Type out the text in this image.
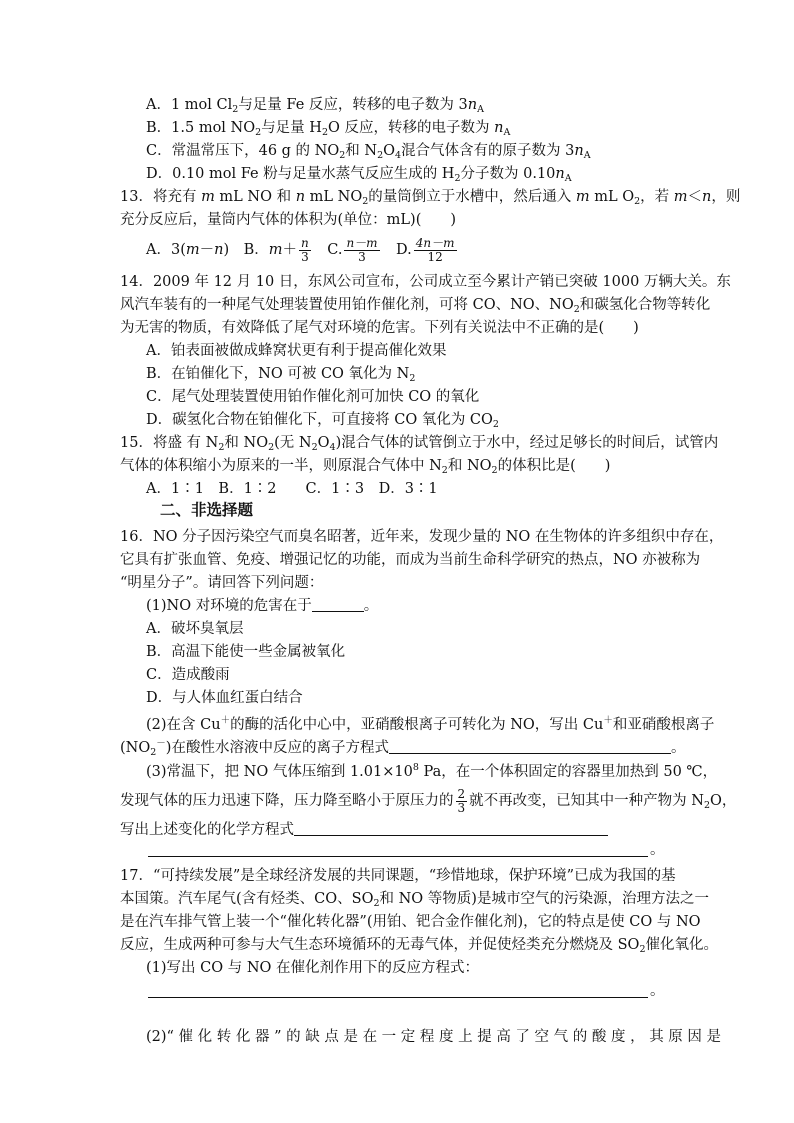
A．1 mol $Cl_2$与足量 Fe 反应，转移的电子数为 $3n_A$
B．1.5 mol $NO_2$与足量 $H_2O$ 反应，转移的电子数为 $n_A$
C．常温常压下，46 g 的 $NO_2$和 $N_2O_4$混合气体含有的原子数为 $3n_A$
D．0.10 mol Fe 粉与足量水蒸气反应生成的 $H_2$分子数为 $0.10n_A$
13．将充有 m mL NO 和 n mL $NO_2$的量筒倒立于水槽中，然后通入 m mL $O_2$，若 m＜n，则
充分反应后，量筒内气体的体积为(单位：mL)(　　)
A．3(m－n)　B．$m+ \frac{n}{3}$ 　C. $\frac{n-m}{3}$ 　D. $\frac{4n-m}{12}$
14．2009 年 12 月 10 日，东风公司宣布，公司成立至今累计产销已突破 1000 万辆大关。东
风汽车装有的一种尾气处理装置使用铂作催化剂，可将 CO、NO、$NO_2$和碳氢化合物等转化
为无害的物质，有效降低了尾气对环境的危害。下列有关说法中不正确的是(　　)
A．铂表面被做成蜂窝状更有利于提高催化效果
B．在铂催化下，NO 可被 CO 氧化为 $N_2$
C．尾气处理装置使用铂作催化剂可加快 CO 的氧化
D．碳氢化合物在铂催化下，可直接将 CO 氧化为 $CO_2$
15．将盛 有 $N_2$和 $NO_2$(无 $N_2O_4$)混合气体的试管倒立于水中，经过足够长的时间后，试管内
气体的体积缩小为原来的一半，则原混合气体中 $N_2$和 $NO_2$的体积比是(　　)
A．1∶1　B．1∶2　　C．1∶3　D．3∶1
二、非选择题
16．NO 分子因污染空气而臭名昭著，近年来，发现少量的 NO 在生物体的许多组织中存在，
它具有扩张血管、免疫、增强记忆的功能，而成为当前生命科学研究的热点，NO 亦被称为
“明星分子”。请回答下列问题：
(1)NO 对环境的危害在于	。
A．破坏臭氧层
B．高温下能使一些金属被氧化
C．造成酸雨
D．与人体血红蛋白结合
(2)在含 Cu＋的酶的活化中心中，亚硝酸根离子可转化为 NO，写出 Cu＋和亚硝酸根离子
$(NO_2^-)$在酸性水溶液中反应的离子方程式	。
(3)常温下，把 NO 气体压缩到 $1.01\times 10^8$ Pa，在一个体积固定的容器里加热到 50 ℃，
发现气体的压力迅速下降，压力降至略小于原压力的 $\frac{2}{3}$ 就不再改变，已知其中一种产物为 $N_2O$，
写出上述变化的化学方程式
。
17．“可持续发展”是全球经济发展的共同课题，“珍惜地球，保护环境”已成为我国的基
本国策。汽车尾气(含有烃类、CO、$SO_2$和 NO 等物质)是城市空气的污染源，治理方法之一
是在汽车排气管上装一个“催化转化器”(用铂、钯合金作催化剂)，它的特点是使 CO 与 NO
反应，生成两种可参与大气生态环境循环的无毒气体，并促使烃类充分燃烧及 $SO_2$催化氧化。
(1)写出 CO 与 NO 在催化剂作用下的反应方程式：
。
(2)“ 催 化 转 化 器 ” 的 缺 点 是 在 一 定 程 度 上 提 高 了 空 气 的 酸 度 ， 其 原 因 是
